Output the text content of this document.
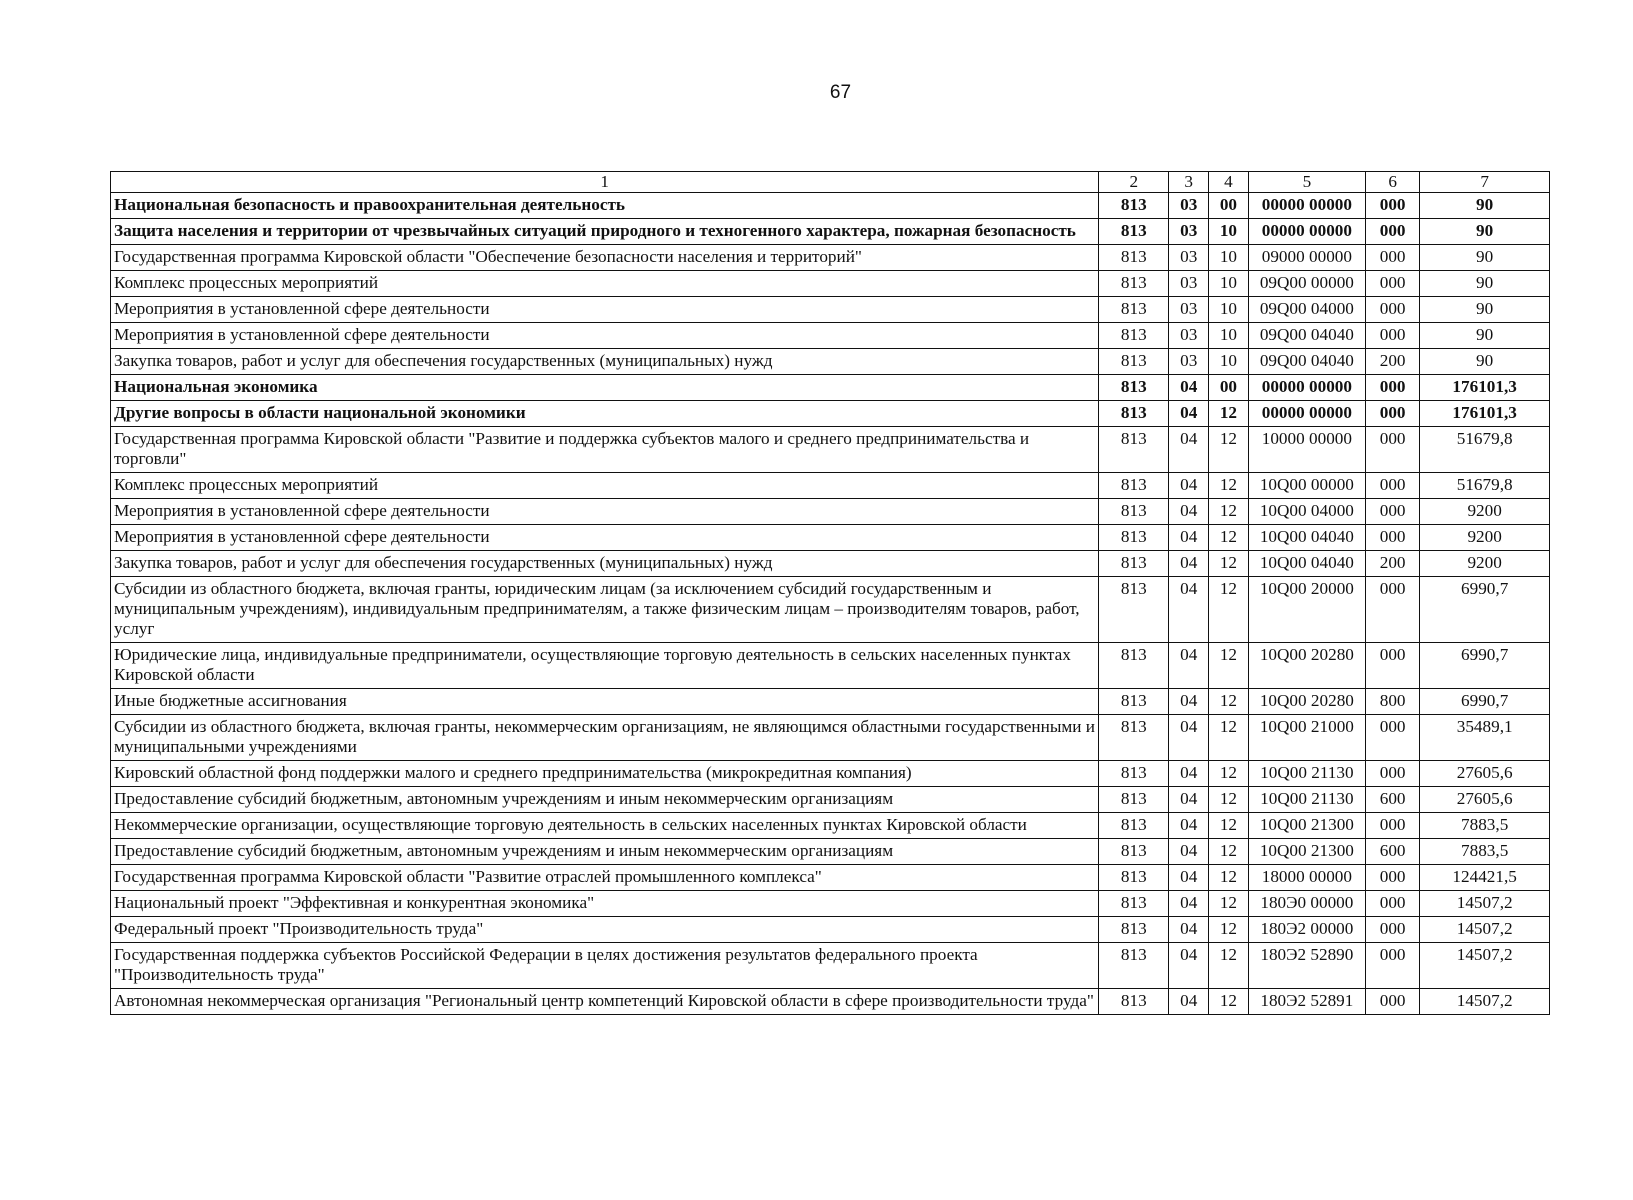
67
1	2	3	4	5	6	7
Национальная безопасность и правоохранительная деятельность	813	03	00	00000 00000	000	90
Защита населения и территории от чрезвычайных ситуаций природного и техногенного характера, пожарная безопасность	813	03	10	00000 00000	000	90
Государственная программа Кировской области "Обеспечение безопасности населения и территорий"	813	03	10	09000 00000	000	90
Комплекс процессных мероприятий	813	03	10	09Q00 00000	000	90
Мероприятия в установленной сфере деятельности	813	03	10	09Q00 04000	000	90
Мероприятия в установленной сфере деятельности	813	03	10	09Q00 04040	000	90
Закупка товаров, работ и услуг для обеспечения государственных (муниципальных) нужд	813	03	10	09Q00 04040	200	90
Национальная экономика	813	04	00	00000 00000	000	176101,3
Другие вопросы в области национальной экономики	813	04	12	00000 00000	000	176101,3
Государственная программа Кировской области "Развитие и поддержка субъектов малого и среднего предпринимательства и торговли"	813	04	12	10000 00000	000	51679,8
Комплекс процессных мероприятий	813	04	12	10Q00 00000	000	51679,8
Мероприятия в установленной сфере деятельности	813	04	12	10Q00 04000	000	9200
Мероприятия в установленной сфере деятельности	813	04	12	10Q00 04040	000	9200
Закупка товаров, работ и услуг для обеспечения государственных (муниципальных) нужд	813	04	12	10Q00 04040	200	9200
Субсидии из областного бюджета, включая гранты, юридическим лицам (за исключением субсидий государственным и муниципальным учреждениям), индивидуальным предпринимателям, а также физическим лицам – производителям товаров, работ, услуг	813	04	12	10Q00 20000	000	6990,7
Юридические лица, индивидуальные предприниматели, осуществляющие торговую деятельность в сельских населенных пунктах Кировской области	813	04	12	10Q00 20280	000	6990,7
Иные бюджетные ассигнования	813	04	12	10Q00 20280	800	6990,7
Субсидии из областного бюджета, включая гранты, некоммерческим организациям, не являющимся областными государственными и муниципальными учреждениями	813	04	12	10Q00 21000	000	35489,1
Кировский областной фонд поддержки малого и среднего предпринимательства (микрокредитная компания)	813	04	12	10Q00 21130	000	27605,6
Предоставление субсидий бюджетным, автономным учреждениям и иным некоммерческим организациям	813	04	12	10Q00 21130	600	27605,6
Некоммерческие организации, осуществляющие торговую деятельность в сельских населенных пунктах Кировской области	813	04	12	10Q00 21300	000	7883,5
Предоставление субсидий бюджетным, автономным учреждениям и иным некоммерческим организациям	813	04	12	10Q00 21300	600	7883,5
Государственная программа Кировской области "Развитие отраслей промышленного комплекса"	813	04	12	18000 00000	000	124421,5
Национальный проект "Эффективная и конкурентная экономика"	813	04	12	180Э0 00000	000	14507,2
Федеральный проект "Производительность труда"	813	04	12	180Э2 00000	000	14507,2
Государственная поддержка субъектов Российской Федерации в целях достижения результатов федерального проекта "Производительность труда"	813	04	12	180Э2 52890	000	14507,2
Автономная некоммерческая организация "Региональный центр компетенций Кировской области в сфере производительности труда"	813	04	12	180Э2 52891	000	14507,2
